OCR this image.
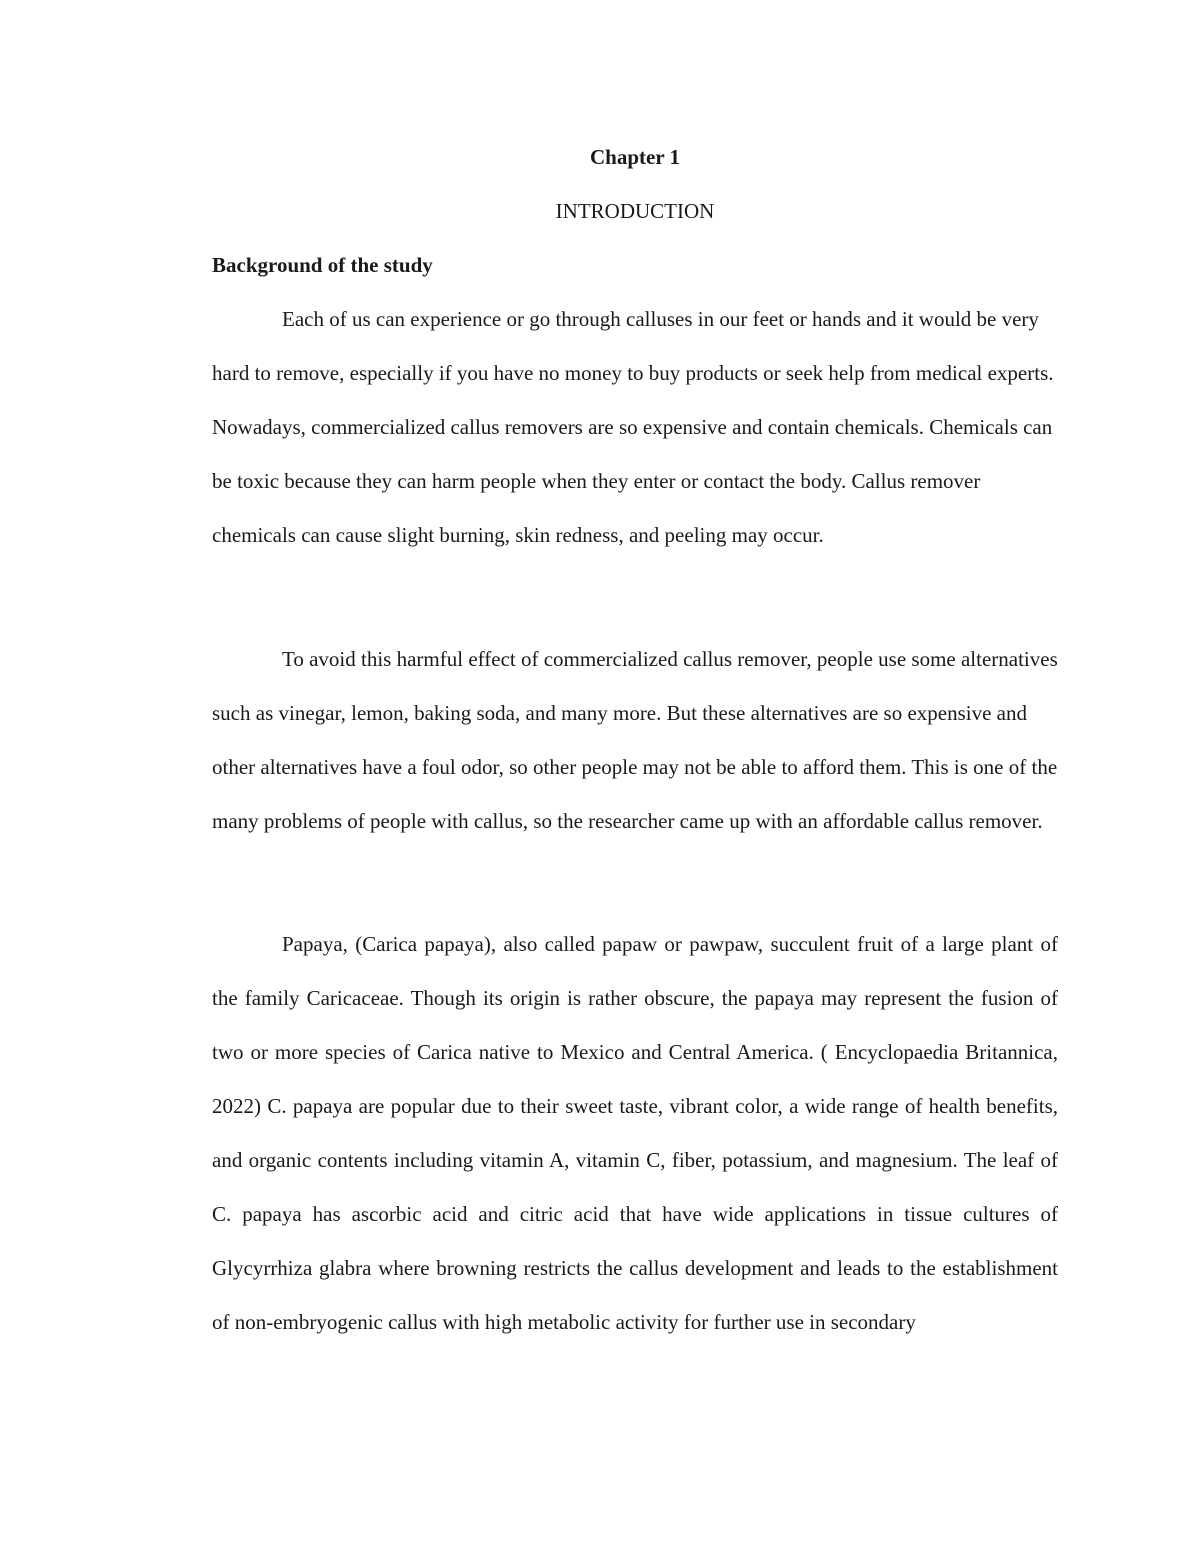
Chapter 1
INTRODUCTION
Background of the study

Each of us can experience or go through calluses in our feet or hands and it would be very hard to remove, especially if you have no money to buy products or seek help from medical experts. Nowadays, commercialized callus removers are so expensive and contain chemicals. Chemicals can be toxic because they can harm people when they enter or contact the body. Callus remover chemicals can cause slight burning, skin redness, and peeling may occur.

To avoid this harmful effect of commercialized callus remover, people use some alternatives such as vinegar, lemon, baking soda, and many more. But these alternatives are so expensive and other alternatives have a foul odor, so other people may not be able to afford them. This is one of the many problems of people with callus, so the researcher came up with an affordable callus remover.

Papaya, (Carica papaya), also called papaw or pawpaw, succulent fruit of a large plant of the family Caricaceae. Though its origin is rather obscure, the papaya may represent the fusion of two or more species of Carica native to Mexico and Central America. ( Encyclopaedia Britannica, 2022) C. papaya are popular due to their sweet taste, vibrant color, a wide range of health benefits, and organic contents including vitamin A, vitamin C, fiber, potassium, and magnesium. The leaf of C. papaya has ascorbic acid and citric acid that have wide applications in tissue cultures of Glycyrrhiza glabra where browning restricts the callus development and leads to the establishment of non-embryogenic callus with high metabolic activity for further use in secondary
